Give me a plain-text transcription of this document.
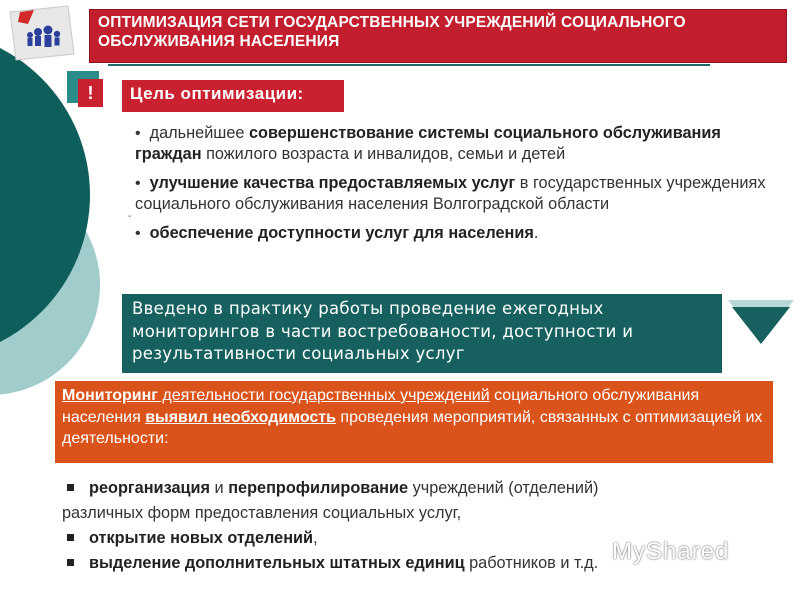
ОПТИМИЗАЦИЯ СЕТИ ГОСУДАРСТВЕННЫХ УЧРЕЖДЕНИЙ СОЦИАЛЬНОГО
ОБСЛУЖИВАНИЯ НАСЕЛЕНИЯ
!	Цель оптимизации:

• дальнейшее совершенствование системы социального обслуживания граждан пожилого возраста и инвалидов, семьи и детей

• улучшение качества предоставляемых услуг в государственных учреждениях социального обслуживания населения Волгоградской области

• обеспечение доступности услуг для населения.

-
Введено в практику работы проведение ежегодных мониторингов в части востребованости, доступности и результативности социальных услуг
Мониторинг деятельности государственных учреждений социального обслуживания населения выявил необходимость проведения мероприятий, связанных с оптимизацией их деятельности:

реорганизация и перепрофилирование учреждений (отделений)

различных форм предоставления социальных услуг,

открытие новых отделений,

выделение дополнительных штатных единиц работников и т.д. MyShared
